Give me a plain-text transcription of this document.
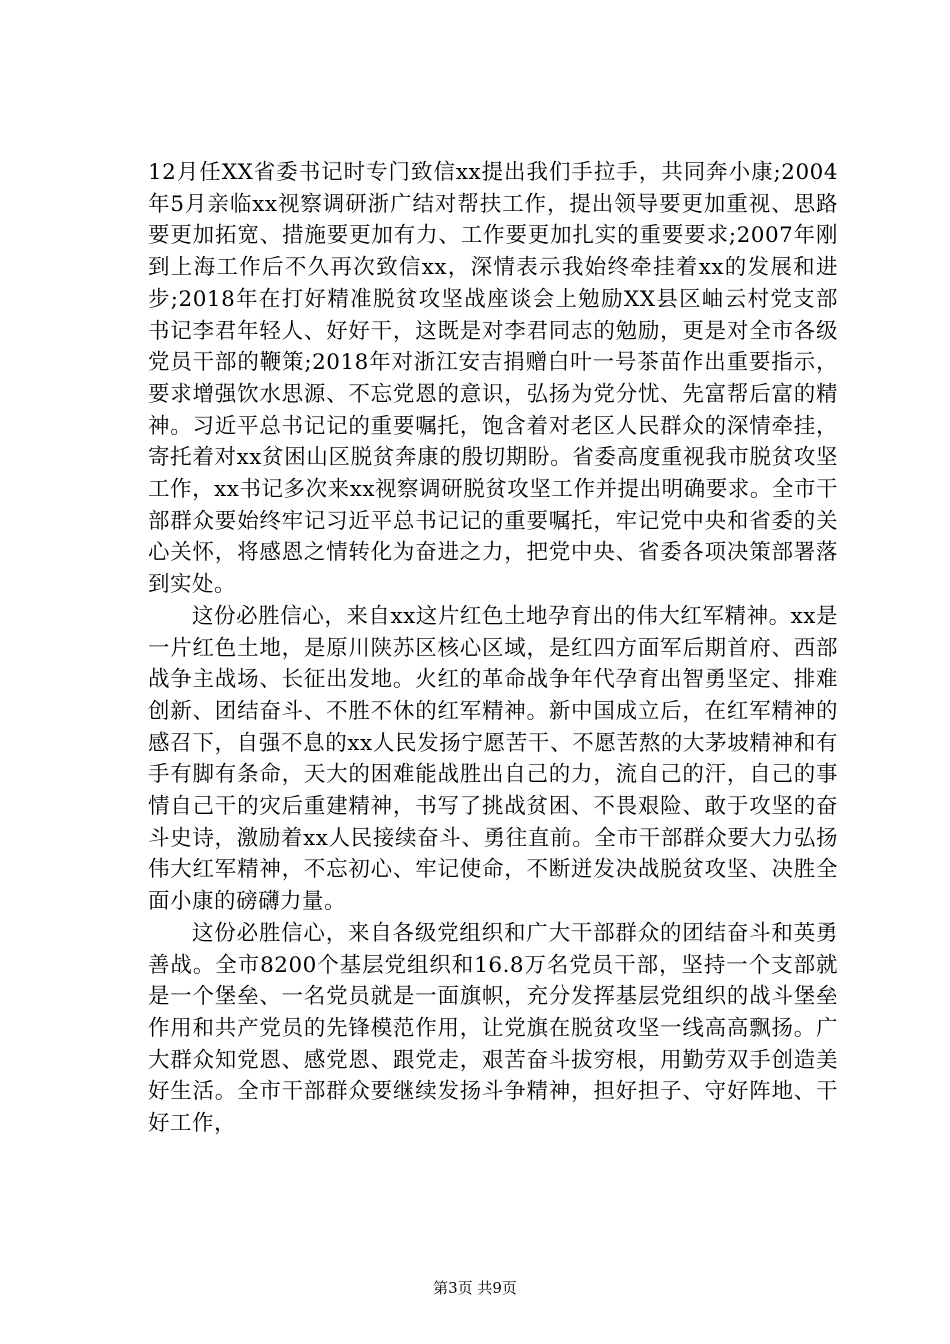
12月任XX省委书记时专门致信xx提出我们手拉手，共同奔小康;2004年5月亲临xx视察调研浙广结对帮扶工作，提出领导要更加重视、思路要更加拓宽、措施要更加有力、工作要更加扎实的重要要求;2007年刚到上海工作后不久再次致信xx，深情表示我始终牵挂着xx的发展和进步;2018年在打好精准脱贫攻坚战座谈会上勉励XX县区岫云村党支部书记李君年轻人、好好干，这既是对李君同志的勉励，更是对全市各级党员干部的鞭策;2018年对浙江安吉捐赠白叶一号茶苗作出重要指示，要求增强饮水思源、不忘党恩的意识，弘扬为党分忧、先富帮后富的精神。习近平总书记记的重要嘱托，饱含着对老区人民群众的深情牵挂，寄托着对xx贫困山区脱贫奔康的殷切期盼。省委高度重视我市脱贫攻坚工作，xx书记多次来xx视察调研脱贫攻坚工作并提出明确要求。全市干部群众要始终牢记习近平总书记记的重要嘱托，牢记党中央和省委的关心关怀，将感恩之情转化为奋进之力，把党中央、省委各项决策部署落到实处。

这份必胜信心，来自xx这片红色土地孕育出的伟大红军精神。xx是一片红色土地，是原川陕苏区核心区域，是红四方面军后期首府、西部战争主战场、长征出发地。火红的革命战争年代孕育出智勇坚定、排难创新、团结奋斗、不胜不休的红军精神。新中国成立后，在红军精神的感召下，自强不息的xx人民发扬宁愿苦干、不愿苦熬的大茅坡精神和有手有脚有条命，天大的困难能战胜出自己的力，流自己的汗，自己的事情自己干的灾后重建精神，书写了挑战贫困、不畏艰险、敢于攻坚的奋斗史诗，激励着xx人民接续奋斗、勇往直前。全市干部群众要大力弘扬伟大红军精神，不忘初心、牢记使命，不断迸发决战脱贫攻坚、决胜全面小康的磅礴力量。

这份必胜信心，来自各级党组织和广大干部群众的团结奋斗和英勇善战。全市8200个基层党组织和16.8万名党员干部，坚持一个支部就是一个堡垒、一名党员就是一面旗帜，充分发挥基层党组织的战斗堡垒作用和共产党员的先锋模范作用，让党旗在脱贫攻坚一线高高飘扬。广大群众知党恩、感党恩、跟党走，艰苦奋斗拔穷根，用勤劳双手创造美好生活。全市干部群众要继续发扬斗争精神，担好担子、守好阵地、干好工作，

第3页 共9页
